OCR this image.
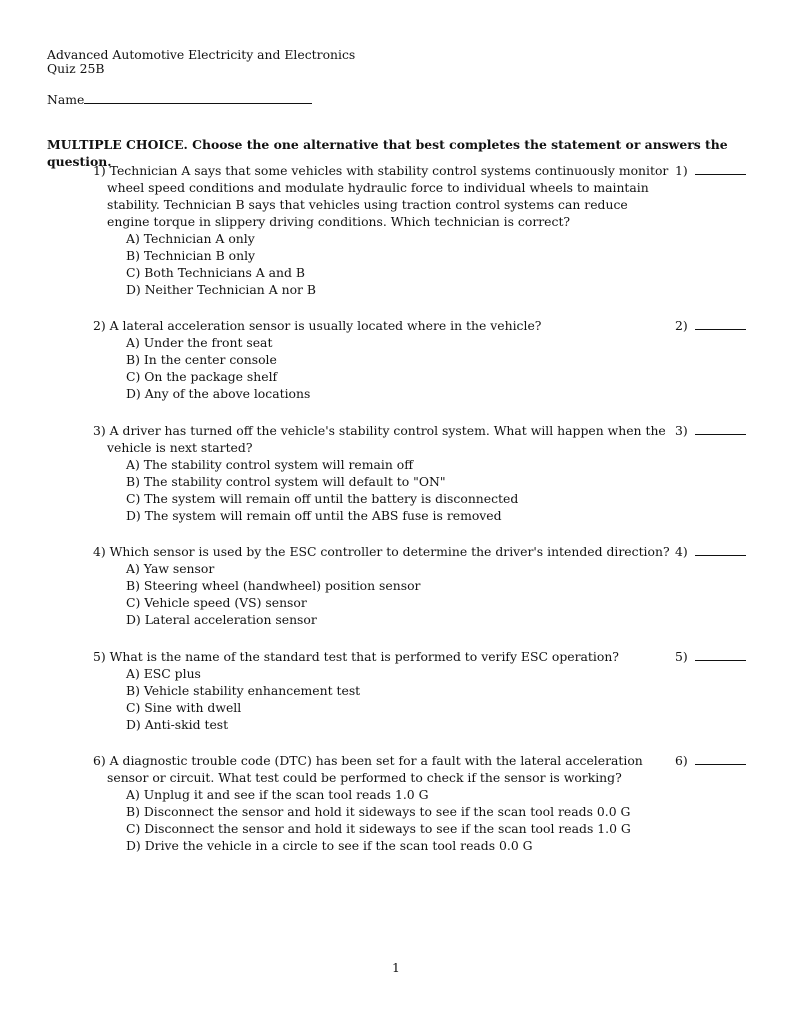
Advanced Automotive Electricity and Electronics
Quiz 25B
Name
MULTIPLE CHOICE. Choose the one alternative that best completes the statement or answers the question.
1) Technician A says that some vehicles with stability control systems continuously monitor wheel speed conditions and modulate hydraulic force to individual wheels to maintain stability. Technician B says that vehicles using traction control systems can reduce engine torque in slippery driving conditions. Which technician is correct?
A) Technician A only
B) Technician B only
C) Both Technicians A and B
D) Neither Technician A nor B
1)
2) A lateral acceleration sensor is usually located where in the vehicle?
A) Under the front seat
B) In the center console
C) On the package shelf
D) Any of the above locations
2)
3) A driver has turned off the vehicle's stability control system. What will happen when the vehicle is next started?
A) The stability control system will remain off
B) The stability control system will default to "ON"
C) The system will remain off until the battery is disconnected
D) The system will remain off until the ABS fuse is removed
3)
4) Which sensor is used by the ESC controller to determine the driver's intended direction?
A) Yaw sensor
B) Steering wheel (handwheel) position sensor
C) Vehicle speed (VS) sensor
D) Lateral acceleration sensor
4)
5) What is the name of the standard test that is performed to verify ESC operation?
A) ESC plus
B) Vehicle stability enhancement test
C) Sine with dwell
D) Anti-skid test
5)
6) A diagnostic trouble code (DTC) has been set for a fault with the lateral acceleration sensor or circuit. What test could be performed to check if the sensor is working?
A) Unplug it and see if the scan tool reads 1.0 G
B) Disconnect the sensor and hold it sideways to see if the scan tool reads 0.0 G
C) Disconnect the sensor and hold it sideways to see if the scan tool reads 1.0 G
D) Drive the vehicle in a circle to see if the scan tool reads 0.0 G
6)
1
